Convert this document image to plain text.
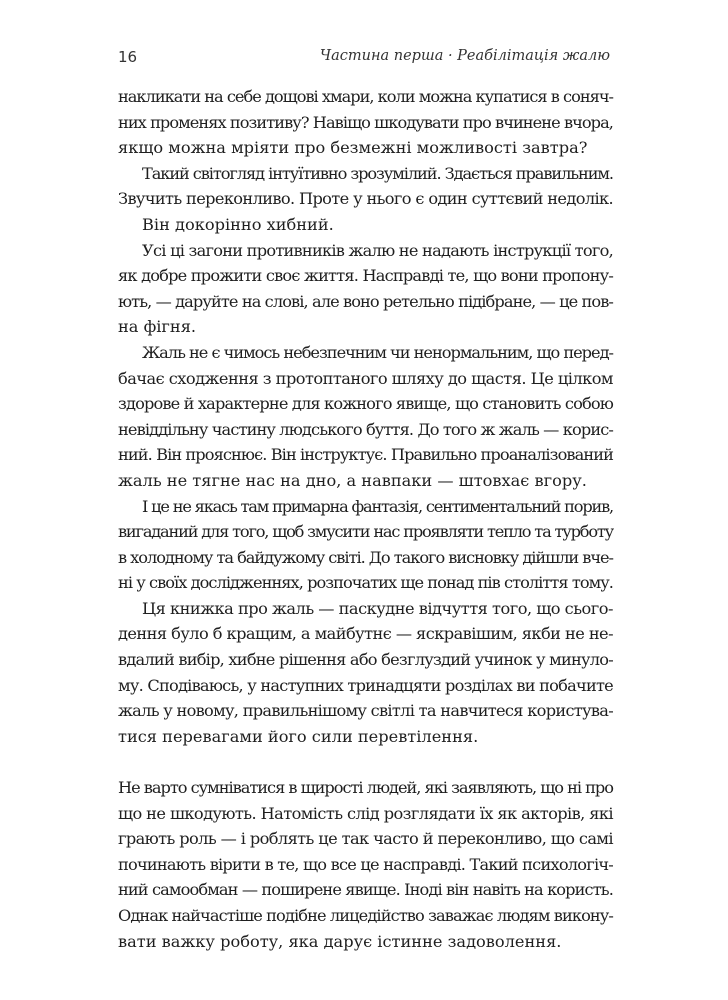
16	Частина перша · Реабілітація жалю
накликати на себе дощові хмари, коли можна купатися в соняч-
них променях позитиву? Навіщо шкодувати про вчинене вчора,
якщо можна мріяти про безмежні можливості завтра?
Такий світогляд інтуїтивно зрозумілий. Здається правильним.
Звучить переконливо. Проте у нього є один суттєвий недолік.
Він докорінно хибний.
Усі ці загони противників жалю не надають інструкції того,
як добре прожити своє життя. Насправді те, що вони пропону-
ють, — даруйте на слові, але воно ретельно підібране, — це пов-
на фігня.
Жаль не є чимось небезпечним чи ненормальним, що перед-
бачає сходження з протоптаного шляху до щастя. Це цілком
здорове й характерне для кожного явище, що становить собою
невіддільну частину людського буття. До того ж жаль — корис-
ний. Він прояснює. Він інструктує. Правильно проаналізований
жаль не тягне нас на дно, а навпаки — штовхає вгору.
І це не якась там примарна фантазія, сентиментальний порив,
вигаданий для того, щоб змусити нас проявляти тепло та турботу
в холодному та байдужому світі. До такого висновку дійшли вче-
ні у своїх дослідженнях, розпочатих ще понад пів століття тому.
Ця книжка про жаль — паскудне відчуття того, що сього-
дення було б кращим, а майбутнє — яскравішим, якби не не-
вдалий вибір, хибне рішення або безглуздий учинок у минуло-
му. Сподіваюсь, у наступних тринадцяти розділах ви побачите
жаль у новому, правильнішому світлі та навчитеся користува-
тися перевагами його сили перевтілення.
Не варто сумніватися в щирості людей, які заявляють, що ні про
що не шкодують. Натомість слід розглядати їх як акторів, які
грають роль — і роблять це так часто й переконливо, що самі
починають вірити в те, що все це насправді. Такий психологіч-
ний самообман — поширене явище. Іноді він навіть на користь.
Однак найчастіше подібне лицедійство заважає людям викону-
вати важку роботу, яка дарує істинне задоволення.
